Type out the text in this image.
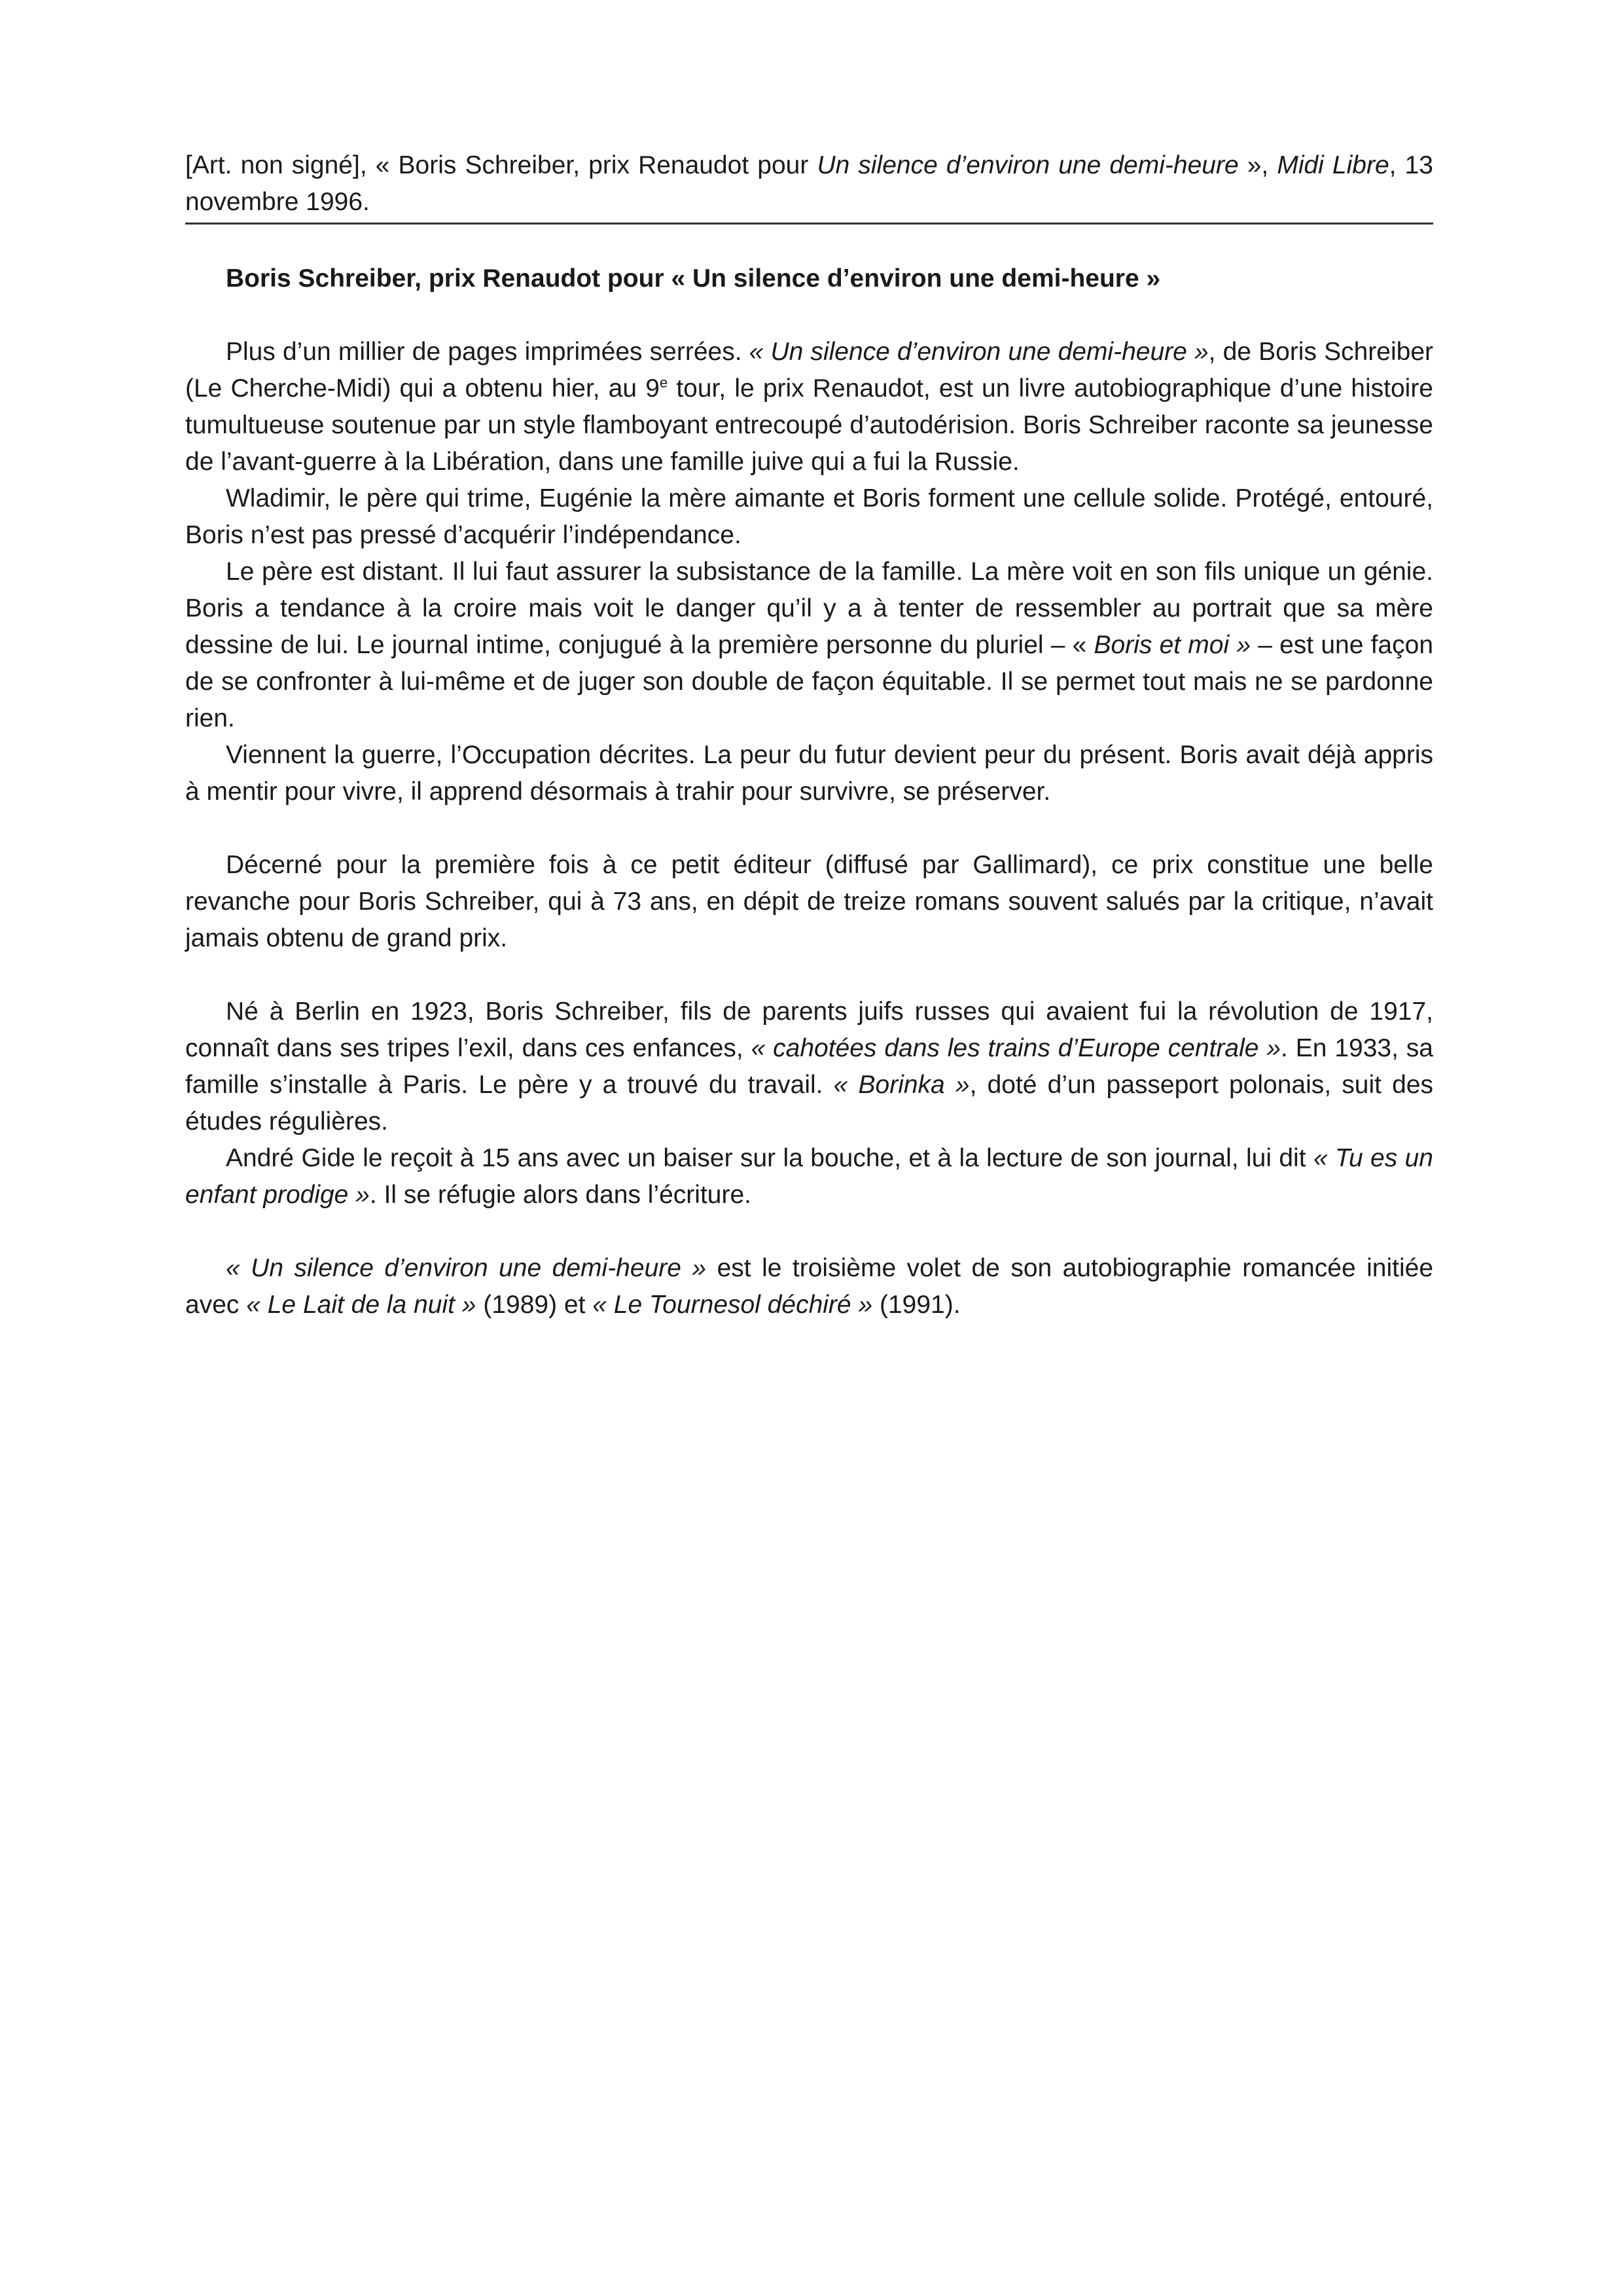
[Art. non signé], « Boris Schreiber, prix Renaudot pour Un silence d’environ une demi-heure », Midi Libre, 13 novembre 1996.

Boris Schreiber, prix Renaudot pour « Un silence d’environ une demi-heure »

Plus d’un millier de pages imprimées serrées. « Un silence d’environ une demi-heure », de Boris Schreiber (Le Cherche-Midi) qui a obtenu hier, au 9e tour, le prix Renaudot, est un livre autobiographique d’une histoire tumultueuse soutenue par un style flamboyant entrecoupé d’autodérision. Boris Schreiber raconte sa jeunesse de l’avant-guerre à la Libération, dans une famille juive qui a fui la Russie.

Wladimir, le père qui trime, Eugénie la mère aimante et Boris forment une cellule solide. Protégé, entouré, Boris n’est pas pressé d’acquérir l’indépendance.

Le père est distant. Il lui faut assurer la subsistance de la famille. La mère voit en son fils unique un génie. Boris a tendance à la croire mais voit le danger qu’il y a à tenter de ressembler au portrait que sa mère dessine de lui. Le journal intime, conjugué à la première personne du pluriel – « Boris et moi » – est une façon de se confronter à lui-même et de juger son double de façon équitable. Il se permet tout mais ne se pardonne rien.

Viennent la guerre, l’Occupation décrites. La peur du futur devient peur du présent. Boris avait déjà appris à mentir pour vivre, il apprend désormais à trahir pour survivre, se préserver.

Décerné pour la première fois à ce petit éditeur (diffusé par Gallimard), ce prix constitue une belle revanche pour Boris Schreiber, qui à 73 ans, en dépit de treize romans souvent salués par la critique, n’avait jamais obtenu de grand prix.

Né à Berlin en 1923, Boris Schreiber, fils de parents juifs russes qui avaient fui la révolution de 1917, connaît dans ses tripes l’exil, dans ces enfances, « cahotées dans les trains d’Europe centrale ». En 1933, sa famille s’installe à Paris. Le père y a trouvé du travail. « Borinka », doté d’un passeport polonais, suit des études régulières.

André Gide le reçoit à 15 ans avec un baiser sur la bouche, et à la lecture de son journal, lui dit « Tu es un enfant prodige ». Il se réfugie alors dans l’écriture.

« Un silence d’environ une demi-heure » est le troisième volet de son autobiographie romancée initiée avec « Le Lait de la nuit » (1989) et « Le Tournesol déchiré » (1991).
